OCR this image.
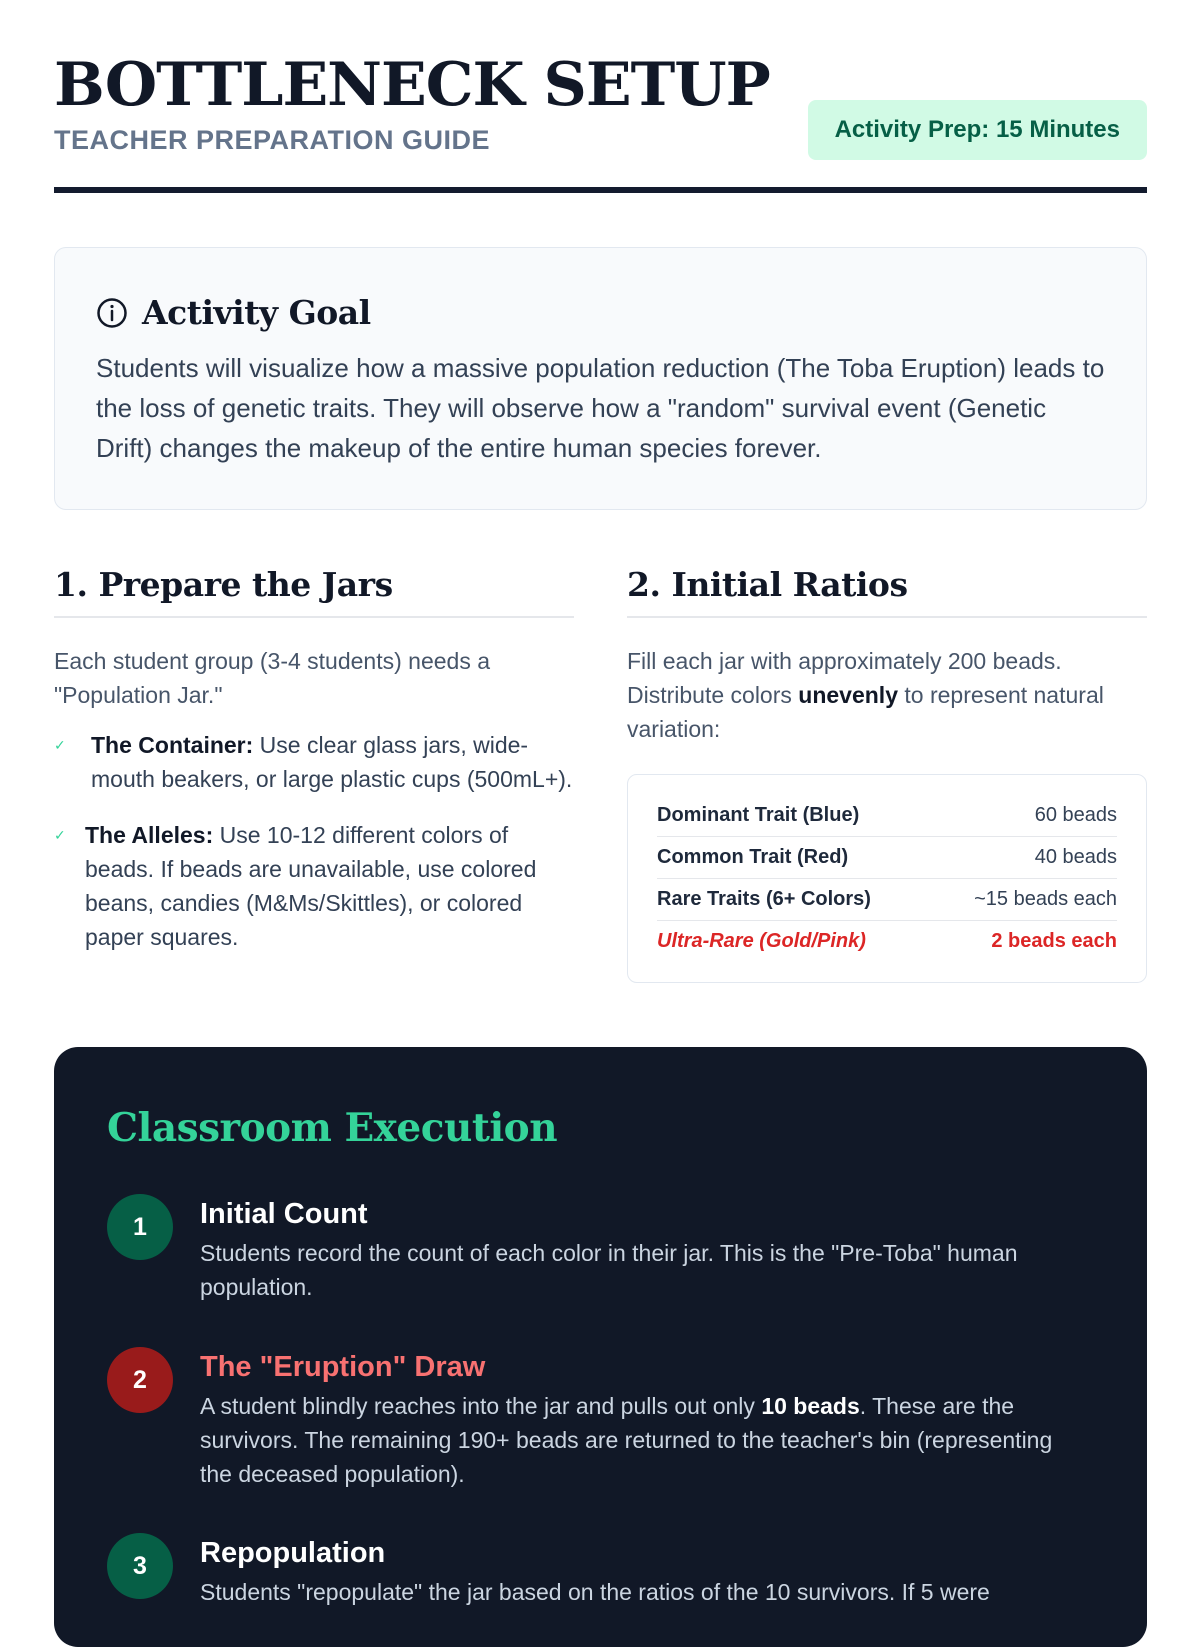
BOTTLENECK SETUP
TEACHER PREPARATION GUIDE	Activity Prep: 15 Minutes
Activity Goal

Students will visualize how a massive population reduction (The Toba Eruption) leads to the loss of genetic traits. They will observe how a "random" survival event (Genetic Drift) changes the makeup of the entire human species forever.

1. Prepare the Jars

Each student group (3-4 students) needs a "Population Jar."

✓ The Container: Use clear glass jars, wide-mouth beakers, or large plastic cups (500mL+).
✓ The Alleles: Use 10-12 different colors of beads. If beads are unavailable, use colored beans, candies (M&Ms/Skittles), or colored paper squares.
2. Initial Ratios

Fill each jar with approximately 200 beads. Distribute colors unevenly to represent natural variation:

Dominant Trait (Blue)	60 beads
Common Trait (Red)	40 beads
Rare Traits (6+ Colors)	~15 beads each
Ultra-Rare (Gold/Pink)	2 beads each
Classroom Execution
1	Initial Count

Students record the count of each color in their jar. This is the "Pre-Toba" human population.

2	The "Eruption" Draw

A student blindly reaches into the jar and pulls out only 10 beads. These are the survivors. The remaining 190+ beads are returned to the teacher's bin (representing the deceased population).

3	Repopulation

Students "repopulate" the jar based on the ratios of the 10 survivors. If 5 were
